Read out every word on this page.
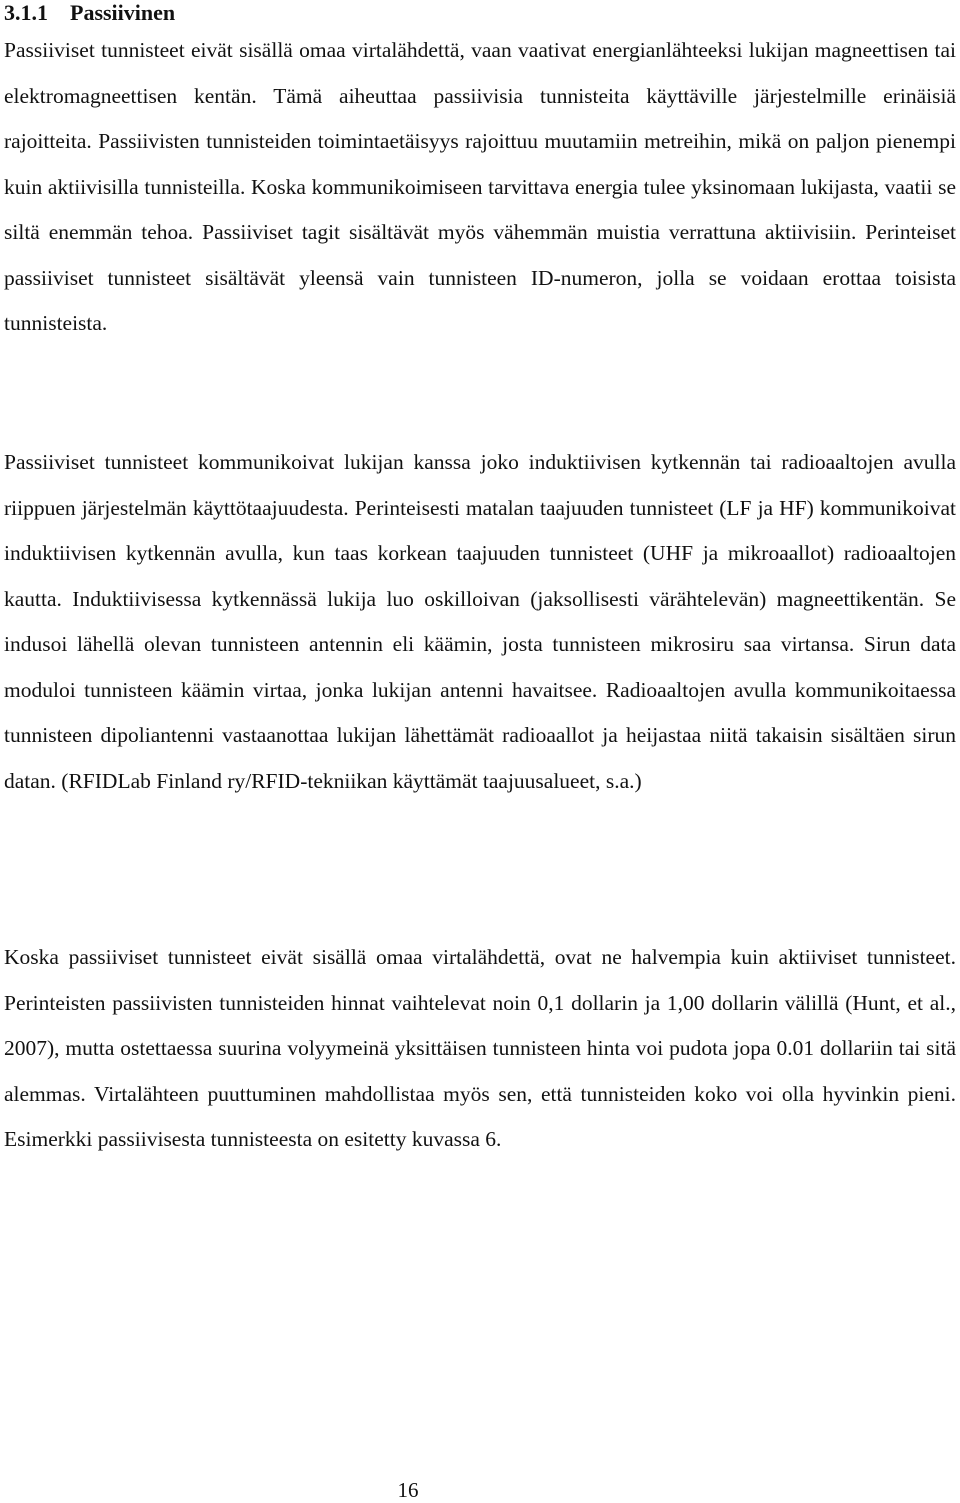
3.1.1 Passiivinen

Passiiviset tunnisteet eivät sisällä omaa virtalähdettä, vaan vaativat energianlähteeksi lukijan magneettisen tai elektromagneettisen kentän. Tämä aiheuttaa passiivisia tunnisteita käyttäville järjestelmille erinäisiä rajoitteita. Passiivisten tunnisteiden toimintaetäisyys rajoittuu muutamiin metreihin, mikä on paljon pienempi kuin aktiivisilla tunnisteilla. Koska kommunikoimiseen tarvittava energia tulee yksinomaan lukijasta, vaatii se siltä enemmän tehoa. Passiiviset tagit sisältävät myös vähemmän muistia verrattuna aktiivisiin. Perinteiset passiiviset tunnisteet sisältävät yleensä vain tunnisteen ID-numeron, jolla se voidaan erottaa toisista tunnisteista.

Passiiviset tunnisteet kommunikoivat lukijan kanssa joko induktiivisen kytkennän tai radioaaltojen avulla riippuen järjestelmän käyttötaajuudesta. Perinteisesti matalan taajuuden tunnisteet (LF ja HF) kommunikoivat induktiivisen kytkennän avulla, kun taas korkean taajuuden tunnisteet (UHF ja mikroaallot) radioaaltojen kautta. Induktiivisessa kytkennässä lukija luo oskilloivan (jaksollisesti värähtelevän) magneettikentän. Se indusoi lähellä olevan tunnisteen antennin eli käämin, josta tunnisteen mikrosiru saa virtansa. Sirun data moduloi tunnisteen käämin virtaa, jonka lukijan antenni havaitsee. Radioaaltojen avulla kommunikoitaessa tunnisteen dipoliantenni vastaanottaa lukijan lähettämät radioaallot ja heijastaa niitä takaisin sisältäen sirun datan. (RFIDLab Finland ry/RFID-tekniikan käyttämät taajuusalueet, s.a.)

Koska passiiviset tunnisteet eivät sisällä omaa virtalähdettä, ovat ne halvempia kuin aktiiviset tunnisteet. Perinteisten passiivisten tunnisteiden hinnat vaihtelevat noin 0,1 dollarin ja 1,00 dollarin välillä (Hunt, et al., 2007), mutta ostettaessa suurina volyymeinä yksittäisen tunnisteen hinta voi pudota jopa 0.01 dollariin tai sitä alemmas. Virtalähteen puuttuminen mahdollistaa myös sen, että tunnisteiden koko voi olla hyvinkin pieni. Esimerkki passiivisesta tunnisteesta on esitetty kuvassa 6.

16
